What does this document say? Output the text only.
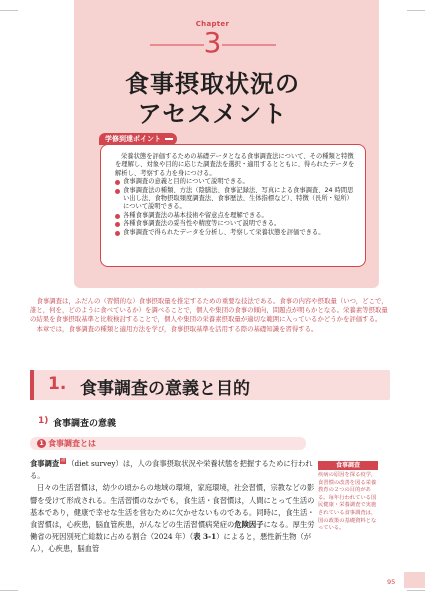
Chapter
3
食事摂取状況の
アセスメント
学修到達ポイント

栄養状態を評価するための基礎データとなる食事調査法について、その種類と特徴を理解し、対象や目的に応じた調査法を選択・適用するとともに、得られたデータを解析し、考察する力を身につける。

食事調査の意義と目的について説明できる。
食事調査法の種類、方法（陰膳法、食事記録法、写真による食事調査、24 時間思い出し法、食物摂取頻度調査法、食事歴法、生体指標など）、特徴（長所・短所）について説明できる。
各種食事調査法の基本技術や留意点を理解できる。
各種食事調査法の妥当性や精度等について説明できる。
食事調査で得られたデータを分析し、考察して栄養状態を評価できる。

食事調査は，ふだんの（習慣的な）食事摂取量を推定するための重要な技法である。食事の内容や摂取量（いつ，どこで，誰と，何を，どのように食べているか）を調べることで，個人や集団の食事の傾向，問題点が明らかとなる。栄養素等摂取量の結果を食事摂取基準と比較検討することで，個人や集団の栄養素摂取量が適切な範囲に入っているかどうかを評価する。

本章では，食事調査の種類と適用方法を学び，食事摂取基準を活用する際の基礎知識を習得する。

1. 食事調査の意義と目的
1) 食事調査の意義
1 食事調査とは

食事調査 語 （diet survey）は，人の食事摂取状況や栄養状態を把握するために行われる。

日々の生活習慣は，幼少の頃からの地域の環境，家庭環境，社会習慣，宗教などの影響を受けて形成される。生活習慣のなかでも，食生活・食習慣は，人間にとって生活の基本であり，健康で幸せな生活を営むために欠かせないものである。同時に，食生活・食習慣は，心疾患，脳血管疾患，がんなどの生活習慣病発症の危険因子になる。厚生労働省の死因別死亡総数に占める割合（2024 年）（表 3-1）によると，悪性新生物（がん），心疾患，脳血管

食事調査
疾病の原因を探る疫学，食習慣の改善を図る栄養教育の２つの目的がある。毎年行われている国民健康・栄養調査で実施されている食事調査は，国の政策の基礎資料となっている。
95
